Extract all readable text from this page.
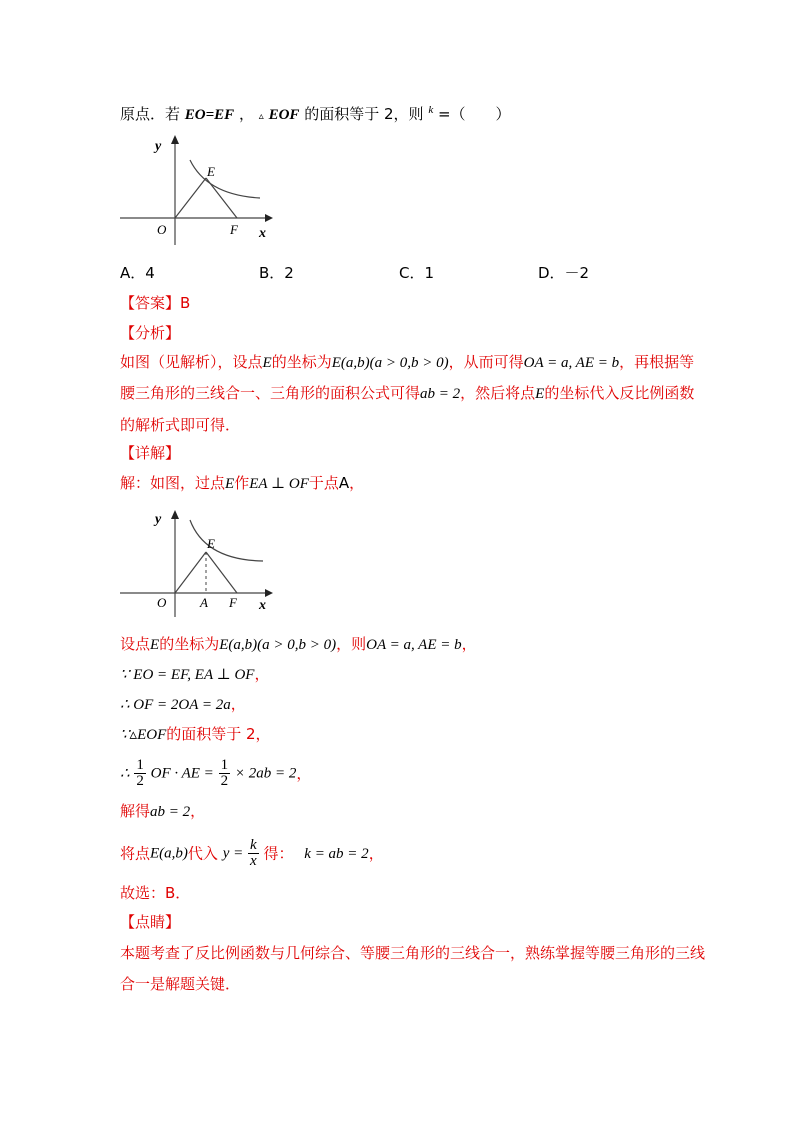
原点．若 EO=EF ， ▵ EOF 的面积等于 2，则 $^k$ =（　　）
y
x
O
E
F
A．4	B．2	C．1	D．－2
【答案】B
【分析】
如图（见解析），设点E的坐标为E(a,b)(a > 0,b > 0)，从而可得OA = a, AE = b，再根据等
腰三角形的三线合一、三角形的面积公式可得ab = 2，然后将点E的坐标代入反比例函数
的解析式即可得．
【详解】
解：如图，过点E作EA ⊥ OF于点A，
y
x
O
E
A F
设点E的坐标为E(a,b)(a > 0,b > 0)，则OA = a, AE = b，
∵ EO = EF, EA ⊥ OF，
∴ OF = 2OA = 2a，
∵▵EOF的面积等于 2，
∴ $\frac{1}{2}$ OF · AE = $\frac{1}{2} \times 2ab = 2$，
解得ab = 2，
将点E(a,b)代入 $y = \frac{k}{x}$ 得： k = ab = 2，
故选：B．
【点睛】
本题考查了反比例函数与几何综合、等腰三角形的三线合一，熟练掌握等腰三角形的三线
合一是解题关键．
